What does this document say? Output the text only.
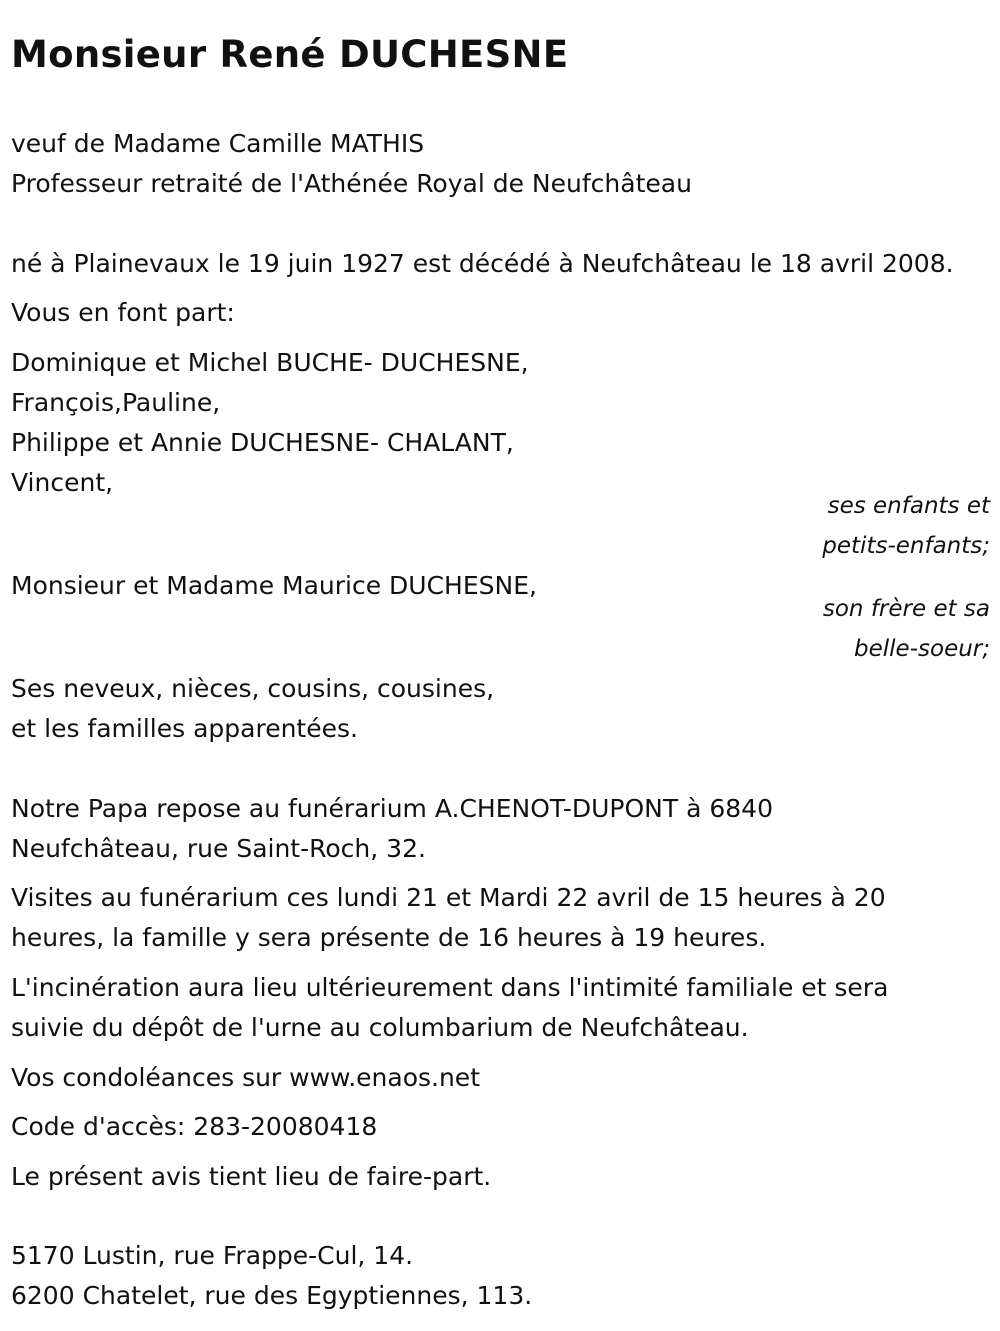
Monsieur René DUCHESNE
veuf de Madame Camille MATHIS
Professeur retraité de l'Athénée Royal de Neufchâteau
né à Plainevaux le 19 juin 1927 est décédé à Neufchâteau le 18 avril 2008.
Vous en font part:
Dominique et Michel BUCHE- DUCHESNE,
François,Pauline,
Philippe et Annie DUCHESNE- CHALANT,
Vincent,
ses enfants et
petits-enfants;
Monsieur et Madame Maurice DUCHESNE,
son frère et sa
belle-soeur;
Ses neveux, nièces, cousins, cousines,
et les familles apparentées.
Notre Papa repose au funérarium A.CHENOT-DUPONT à 6840
Neufchâteau, rue Saint-Roch, 32.
Visites au funérarium ces lundi 21 et Mardi 22 avril de 15 heures à 20
heures, la famille y sera présente de 16 heures à 19 heures.
L'incinération aura lieu ultérieurement dans l'intimité familiale et sera
suivie du dépôt de l'urne au columbarium de Neufchâteau.
Vos condoléances sur www.enaos.net
Code d'accès: 283-20080418
Le présent avis tient lieu de faire-part.
5170 Lustin, rue Frappe-Cul, 14.
6200 Chatelet, rue des Egyptiennes, 113.
